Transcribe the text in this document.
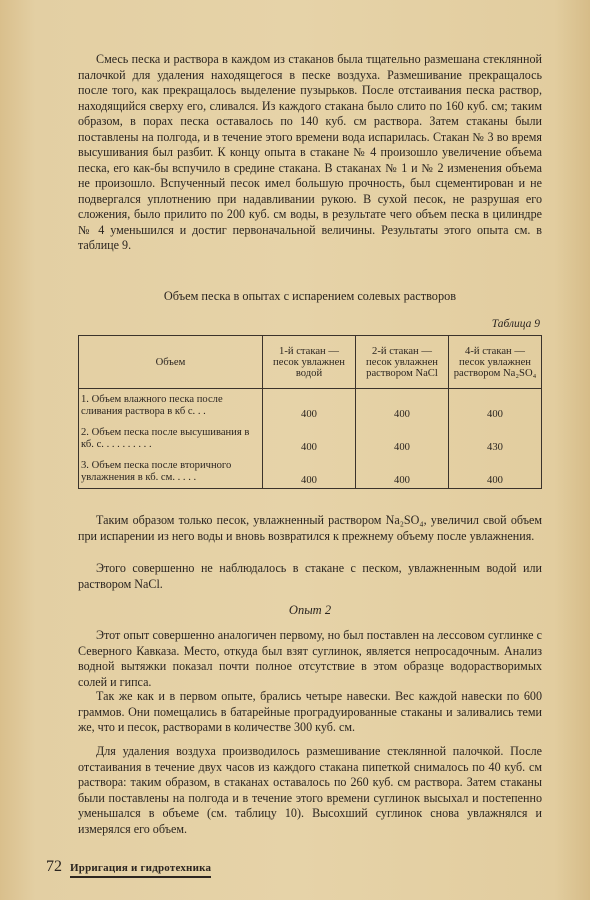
Смесь песка и раствора в каждом из стаканов была тщательно размешана стеклянной палочкой для удаления находящегося в песке воздуха. Размешивание прекращалось после того, как прекращалось выделение пузырьков. После отстаивания песка раствор, находящийся сверху его, сливался. Из каждого стакана было слито по 160 куб. см; таким образом, в порах песка оставалось по 140 куб. см раствора. Затем стаканы были поставлены на полгода, и в течение этого времени вода испарилась. Стакан № 3 во время высушивания был разбит. К концу опыта в стакане № 4 произошло увеличение объема песка, его как-бы вспучило в средине стакана. В стаканах № 1 и № 2 изменения объема не произошло. Вспученный песок имел большую прочность, был сцементирован и не подвергался уплотнению при надавливании рукою. В сухой песок, не разрушая его сложения, было прилито по 200 куб. см воды, в результате чего объем песка в цилиндре № 4 уменьшился и достиг первоначальной величины. Результаты этого опыта см. в таблице 9.

Объем песка в опытах с испарением солевых растворов
Таблица 9
Объем	1-й стакан — песок увлажнен водой	2-й стакан — песок увлажнен раствором NaCl	4-й стакан — песок увлажнен раствором Na₂SO₄
1. Объем влажного песка после сливания раствора в кб с. . .	400	400	400
2. Объем песка после высушивания в кб. с. . . . . . . . . .	400	400	430
3. Объем песка после вторичного увлажнения в кб. см. . . . .	400	400	400

Таким образом только песок, увлажненный раствором Na₂SO₄, увеличил свой объем при испарении из него воды и вновь возвратился к прежнему объему после увлажнения.

Этого совершенно не наблюдалось в стакане с песком, увлажненным водой или раствором NaCl.

Опыт 2

Этот опыт совершенно аналогичен первому, но был поставлен на лессовом суглинке с Северного Кавказа. Место, откуда был взят суглинок, является непросадочным. Анализ водной вытяжки показал почти полное отсутствие в этом образце водорастворимых солей и гипса.

Так же как и в первом опыте, брались четыре навески. Вес каждой навески по 600 граммов. Они помещались в батарейные проградуированные стаканы и заливались теми же, что и песок, растворами в количестве 300 куб. см.

Для удаления воздуха производилось размешивание стеклянной палочкой. После отстаивания в течение двух часов из каждого стакана пипеткой снималось по 40 куб. см раствора: таким образом, в стаканах оставалось по 260 куб. см раствора. Затем стаканы были поставлены на полгода и в течение этого времени суглинок высыхал и постепенно уменьшался в объеме (см. таблицу 10). Высохший суглинок снова увлажнялся и измерялся его объем.

72 Ирригация и гидротехника
